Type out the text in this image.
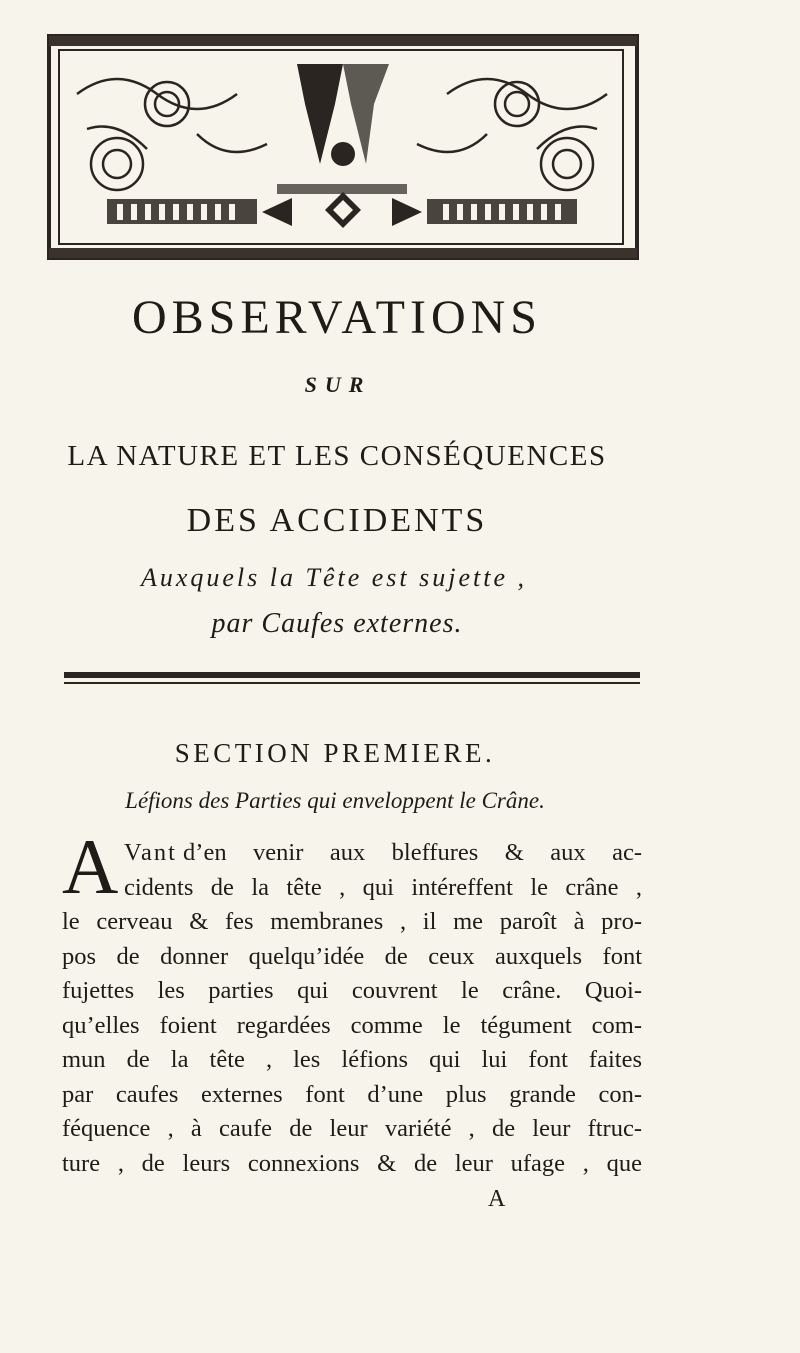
OBSERVATIONS
SUR
LA NATURE ET LES CONSÉQUENCES
DES ACCIDENTS
Auxquels la Tête est sujette ,
par Caufes externes.
SECTION PREMIERE.
Léfions des Parties qui enveloppent le Crâne.
A Vant
d’en venir aux bleffures & aux ac-
cidents de la tête , qui intéreffent le crâne ,
le cerveau & fes membranes , il me paroît à pro-
pos de donner quelqu’idée de ceux auxquels font
fujettes les parties qui couvrent le crâne. Quoi-
qu’elles foient regardées comme le tégument com-
mun de la tête , les léfions qui lui font faites
par caufes externes font d’une plus grande con-
féquence , à caufe de leur variété , de leur ftruc-
ture , de leurs connexions & de leur ufage , que
A
